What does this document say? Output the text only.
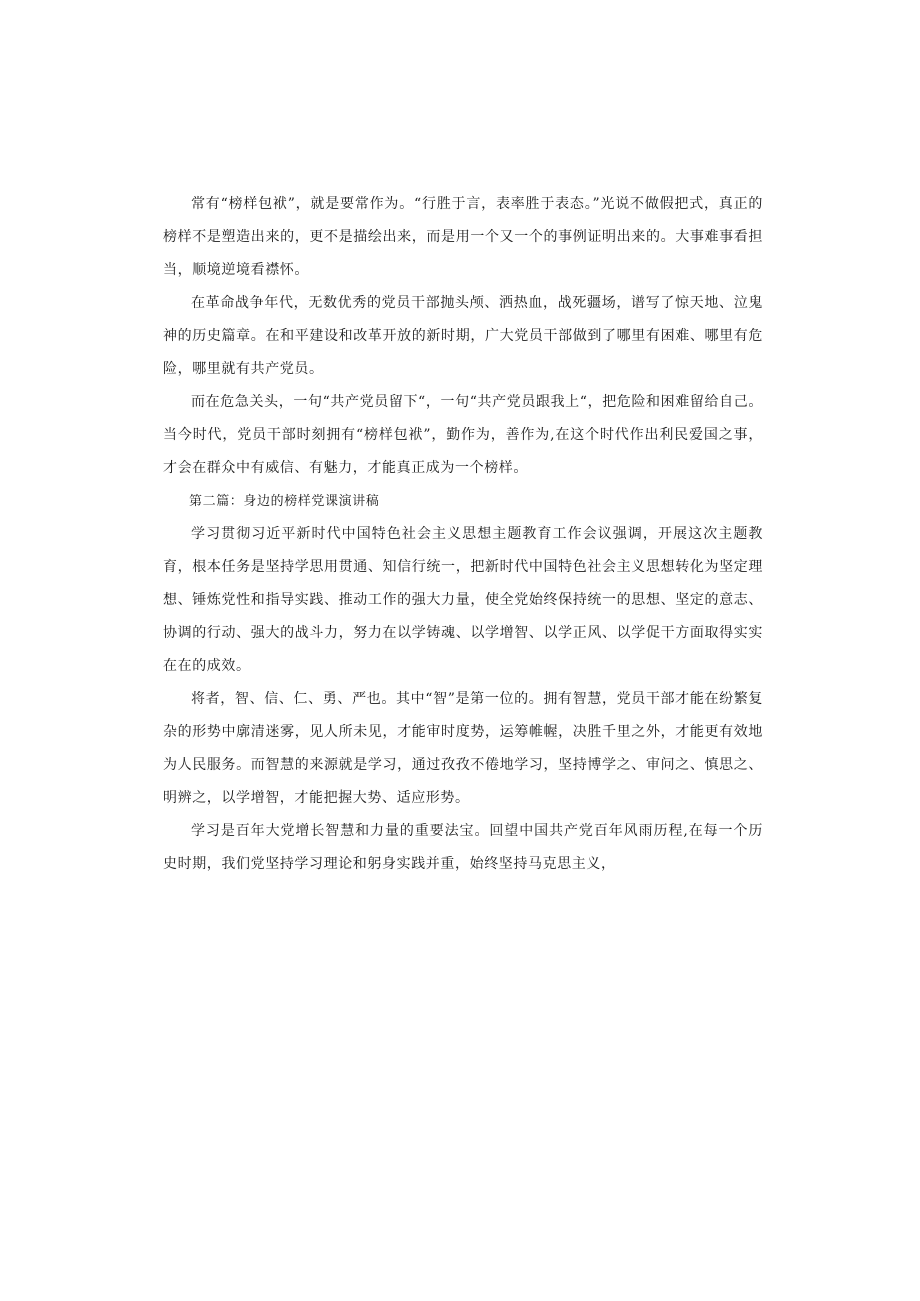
常有“榜样包袱”，就是要常作为。“行胜于言，表率胜于表态。”光说不做假把式，真正的榜样不是塑造出来的，更不是描绘出来，而是用一个又一个的事例证明出来的。大事难事看担当，顺境逆境看襟怀。

在革命战争年代，无数优秀的党员干部抛头颅、洒热血，战死疆场，谱写了惊天地、泣鬼神的历史篇章。在和平建设和改革开放的新时期，广大党员干部做到了哪里有困难、哪里有危险，哪里就有共产党员。

而在危急关头，一句“共产党员留下“，一句“共产党员跟我上“，把危险和困难留给自己。当今时代，党员干部时刻拥有“榜样包袱”，勤作为，善作为,在这个时代作出利民爱国之事，才会在群众中有威信、有魅力，才能真正成为一个榜样。

第二篇：身边的榜样党课演讲稿

学习贯彻习近平新时代中国特色社会主义思想主题教育工作会议强调，开展这次主题教育，根本任务是坚持学思用贯通、知信行统一，把新时代中国特色社会主义思想转化为坚定理想、锤炼党性和指导实践、推动工作的强大力量，使全党始终保持统一的思想、坚定的意志、协调的行动、强大的战斗力，努力在以学铸魂、以学增智、以学正风、以学促干方面取得实实在在的成效。

将者，智、信、仁、勇、严也。其中“智”是第一位的。拥有智慧，党员干部才能在纷繁复杂的形势中廓清迷雾，见人所未见，才能审时度势，运筹帷幄，决胜千里之外，才能更有效地为人民服务。而智慧的来源就是学习，通过孜孜不倦地学习，坚持博学之、审问之、慎思之、明辨之，以学增智，才能把握大势、适应形势。

学习是百年大党增长智慧和力量的重要法宝。回望中国共产党百年风雨历程,在每一个历史时期，我们党坚持学习理论和躬身实践并重，始终坚持马克思主义，
